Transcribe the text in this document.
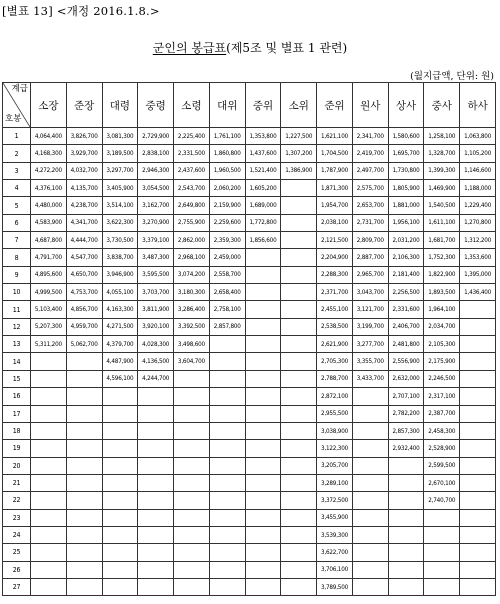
[별표 13] <개정 2016.1.8.>
군인의 봉급표(제5조 및 별표 1 관련)
(월지급액, 단위: 원)
계급
호봉	소장	준장	대령	중령	소령	대위	중위	소위	준위	원사	상사	중사	하사
1	4,064,400	3,826,700	3,081,300	2,729,900	2,225,400	1,761,100	1,353,800	1,227,500	1,621,100	2,341,700	1,580,600	1,258,100	1,063,800
2	4,168,300	3,929,700	3,189,500	2,838,100	2,331,500	1,860,800	1,437,600	1,307,200	1,704,500	2,419,700	1,695,700	1,328,700	1,105,200
3	4,272,200	4,032,700	3,297,700	2,946,300	2,437,600	1,960,500	1,521,400	1,386,900	1,787,900	2,497,700	1,730,800	1,399,300	1,146,600
4	4,376,100	4,135,700	3,405,900	3,054,500	2,543,700	2,060,200	1,605,200		1,871,300	2,575,700	1,805,900	1,469,900	1,188,000
5	4,480,000	4,238,700	3,514,100	3,162,700	2,649,800	2,159,900	1,689,000		1,954,700	2,653,700	1,881,000	1,540,500	1,229,400
6	4,583,900	4,341,700	3,622,300	3,270,900	2,755,900	2,259,600	1,772,800		2,038,100	2,731,700	1,956,100	1,611,100	1,270,800
7	4,687,800	4,444,700	3,730,500	3,379,100	2,862,000	2,359,300	1,856,600		2,121,500	2,809,700	2,031,200	1,681,700	1,312,200
8	4,791,700	4,547,700	3,838,700	3,487,300	2,968,100	2,459,000			2,204,900	2,887,700	2,106,300	1,752,300	1,353,600
9	4,895,600	4,650,700	3,946,900	3,595,500	3,074,200	2,558,700			2,288,300	2,965,700	2,181,400	1,822,900	1,395,000
10	4,999,500	4,753,700	4,055,100	3,703,700	3,180,300	2,658,400			2,371,700	3,043,700	2,256,500	1,893,500	1,436,400
11	5,103,400	4,856,700	4,163,300	3,811,900	3,286,400	2,758,100			2,455,100	3,121,700	2,331,600	1,964,100	
12	5,207,300	4,959,700	4,271,500	3,920,100	3,392,500	2,857,800			2,538,500	3,199,700	2,406,700	2,034,700	
13	5,311,200	5,062,700	4,379,700	4,028,300	3,498,600				2,621,900	3,277,700	2,481,800	2,105,300	
14			4,487,900	4,136,500	3,604,700				2,705,300	3,355,700	2,556,900	2,175,900	
15			4,596,100	4,244,700					2,788,700	3,433,700	2,632,000	2,246,500	
16									2,872,100		2,707,100	2,317,100	
17									2,955,500		2,782,200	2,387,700	
18									3,038,900		2,857,300	2,458,300	
19									3,122,300		2,932,400	2,528,900	
20									3,205,700			2,599,500	
21									3,289,100			2,670,100	
22									3,372,500			2,740,700	
23									3,455,900				
24									3,539,300				
25									3,622,700				
26									3,706,100				
27									3,789,500				
